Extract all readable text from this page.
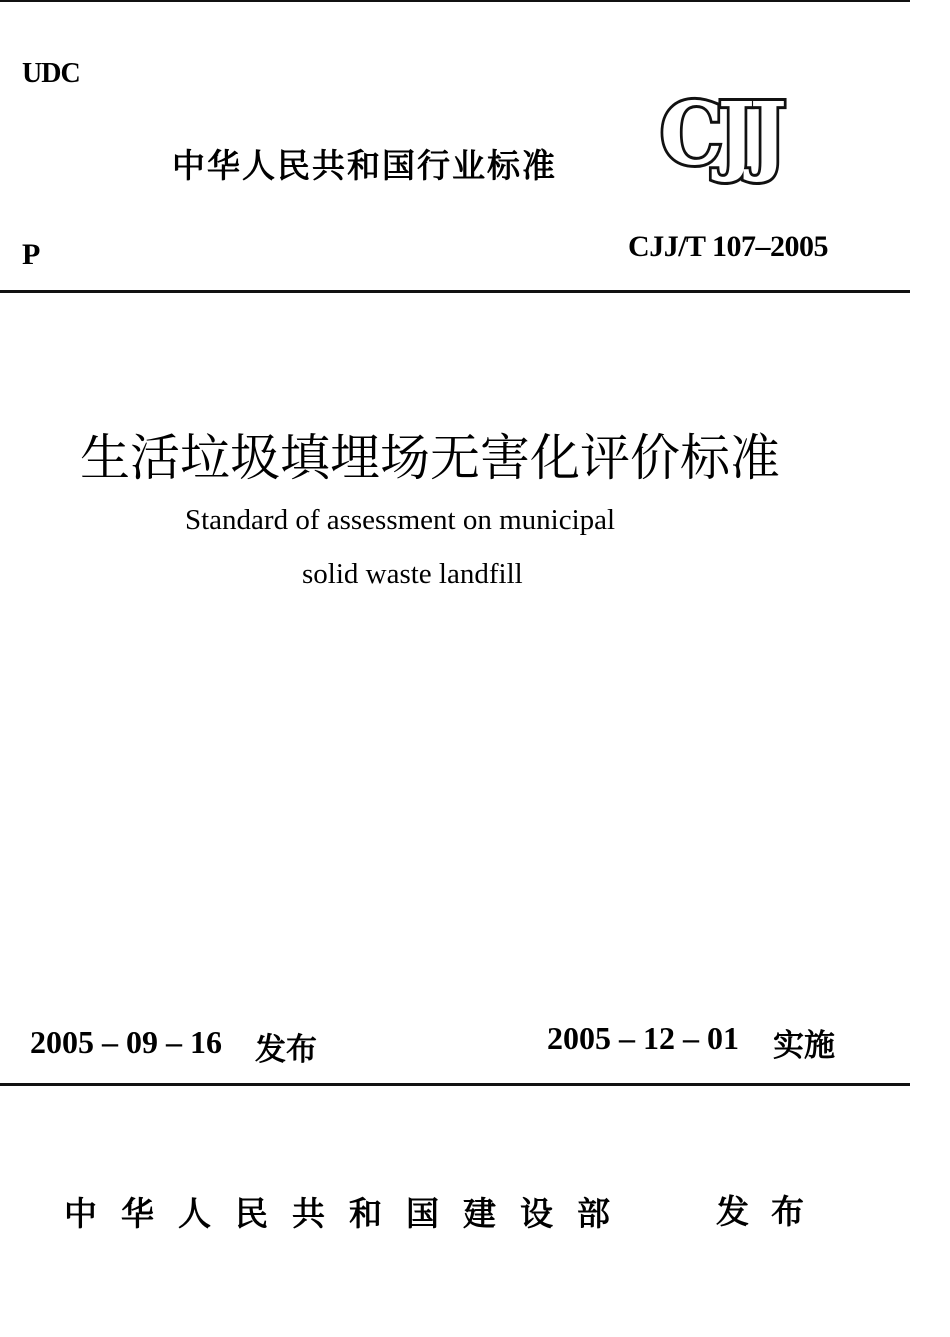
UDC
中华人民共和国行业标准 CJJ
P	CJJ/T 107–2005
生活垃圾填埋场无害化评价标准
Standard of assessment on municipal
solid waste landfill
2005 – 09 – 16 发布	2005 – 12 – 01 实施
中华人民共和国建设部 发布
